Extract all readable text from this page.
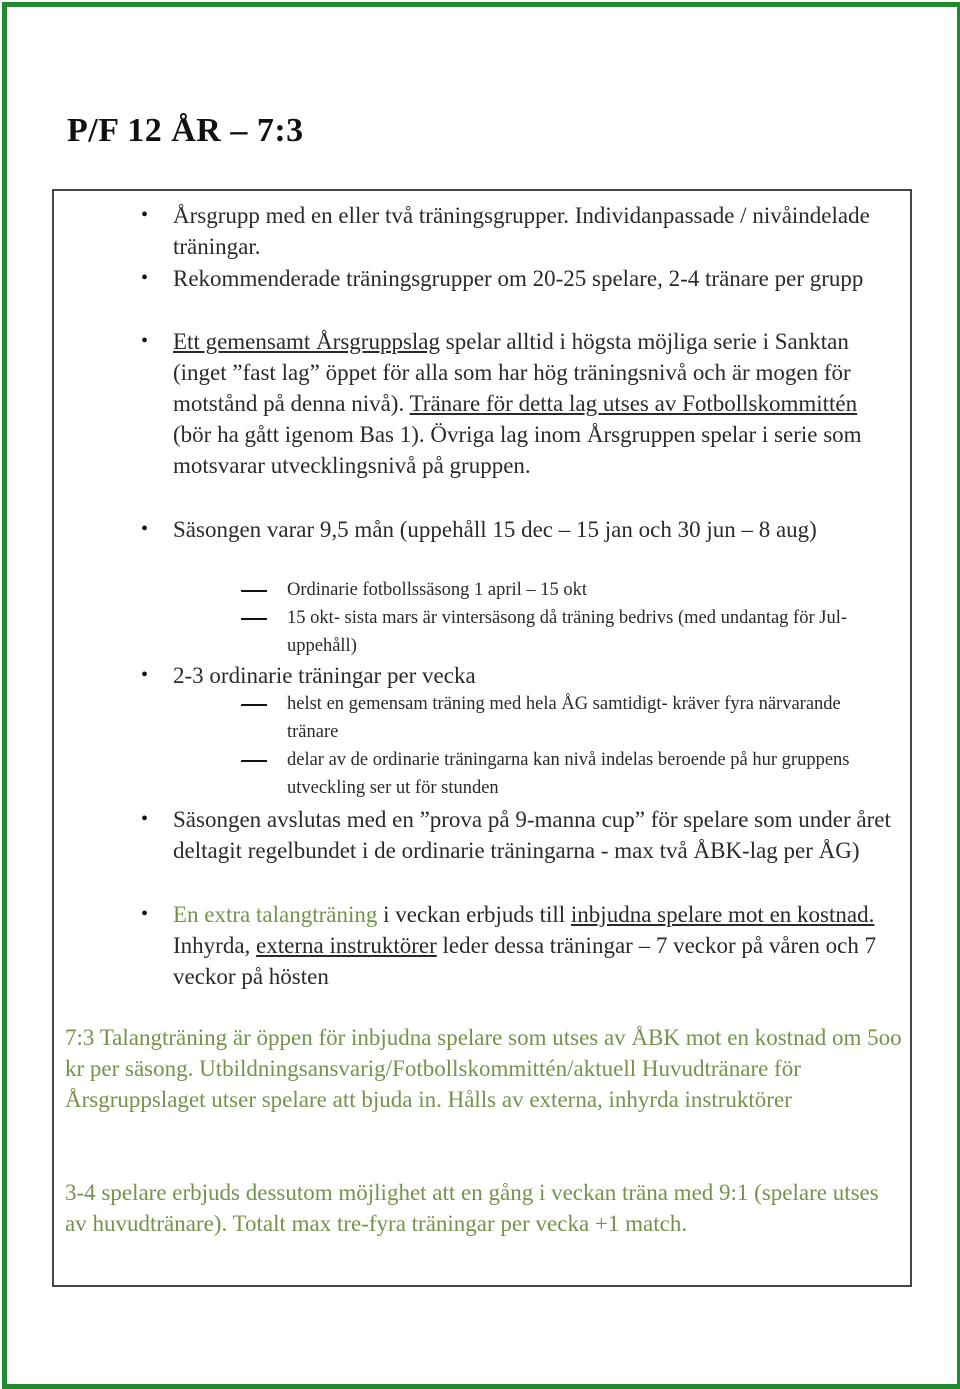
P/F 12 ÅR – 7:3
• Årsgrupp med en eller två träningsgrupper. Individanpassade / nivåindelade träningar.
• Rekommenderade träningsgrupper om 20-25 spelare, 2-4 tränare per grupp
• Ett gemensamt Årsgruppslag spelar alltid i högsta möjliga serie i Sanktan (inget ”fast lag” öppet för alla som har hög träningsnivå och är mogen för motstånd på denna nivå). Tränare för detta lag utses av Fotbollskommittén (bör ha gått igenom Bas 1). Övriga lag inom Årsgruppen spelar i serie som motsvarar utvecklingsnivå på gruppen.
• Säsongen varar 9,5 mån (uppehåll 15 dec – 15 jan och 30 jun – 8 aug)
Ordinarie fotbollssäsong 1 april – 15 okt
15 okt- sista mars är vintersäsong då träning bedrivs (med undantag för Jul-uppehåll)
• 2-3 ordinarie träningar per vecka
helst en gemensam träning med hela ÅG samtidigt- kräver fyra närvarande tränare
delar av de ordinarie träningarna kan nivå indelas beroende på hur gruppens utveckling ser ut för stunden
• Säsongen avslutas med en ”prova på 9-manna cup” för spelare som under året deltagit regelbundet i de ordinarie träningarna - max två ÅBK-lag per ÅG)
• En extra talangträning i veckan erbjuds till inbjudna spelare mot en kostnad. Inhyrda, externa instruktörer leder dessa träningar – 7 veckor på våren och 7 veckor på hösten
7:3 Talangträning är öppen för inbjudna spelare som utses av ÅBK mot en kostnad om 5oo kr per säsong. Utbildningsansvarig/Fotbollskommittén/aktuell Huvudtränare för Årsgruppslaget utser spelare att bjuda in. Hålls av externa, inhyrda instruktörer
3-4 spelare erbjuds dessutom möjlighet att en gång i veckan träna med 9:1 (spelare utses av huvudtränare). Totalt max tre-fyra träningar per vecka +1 match.
